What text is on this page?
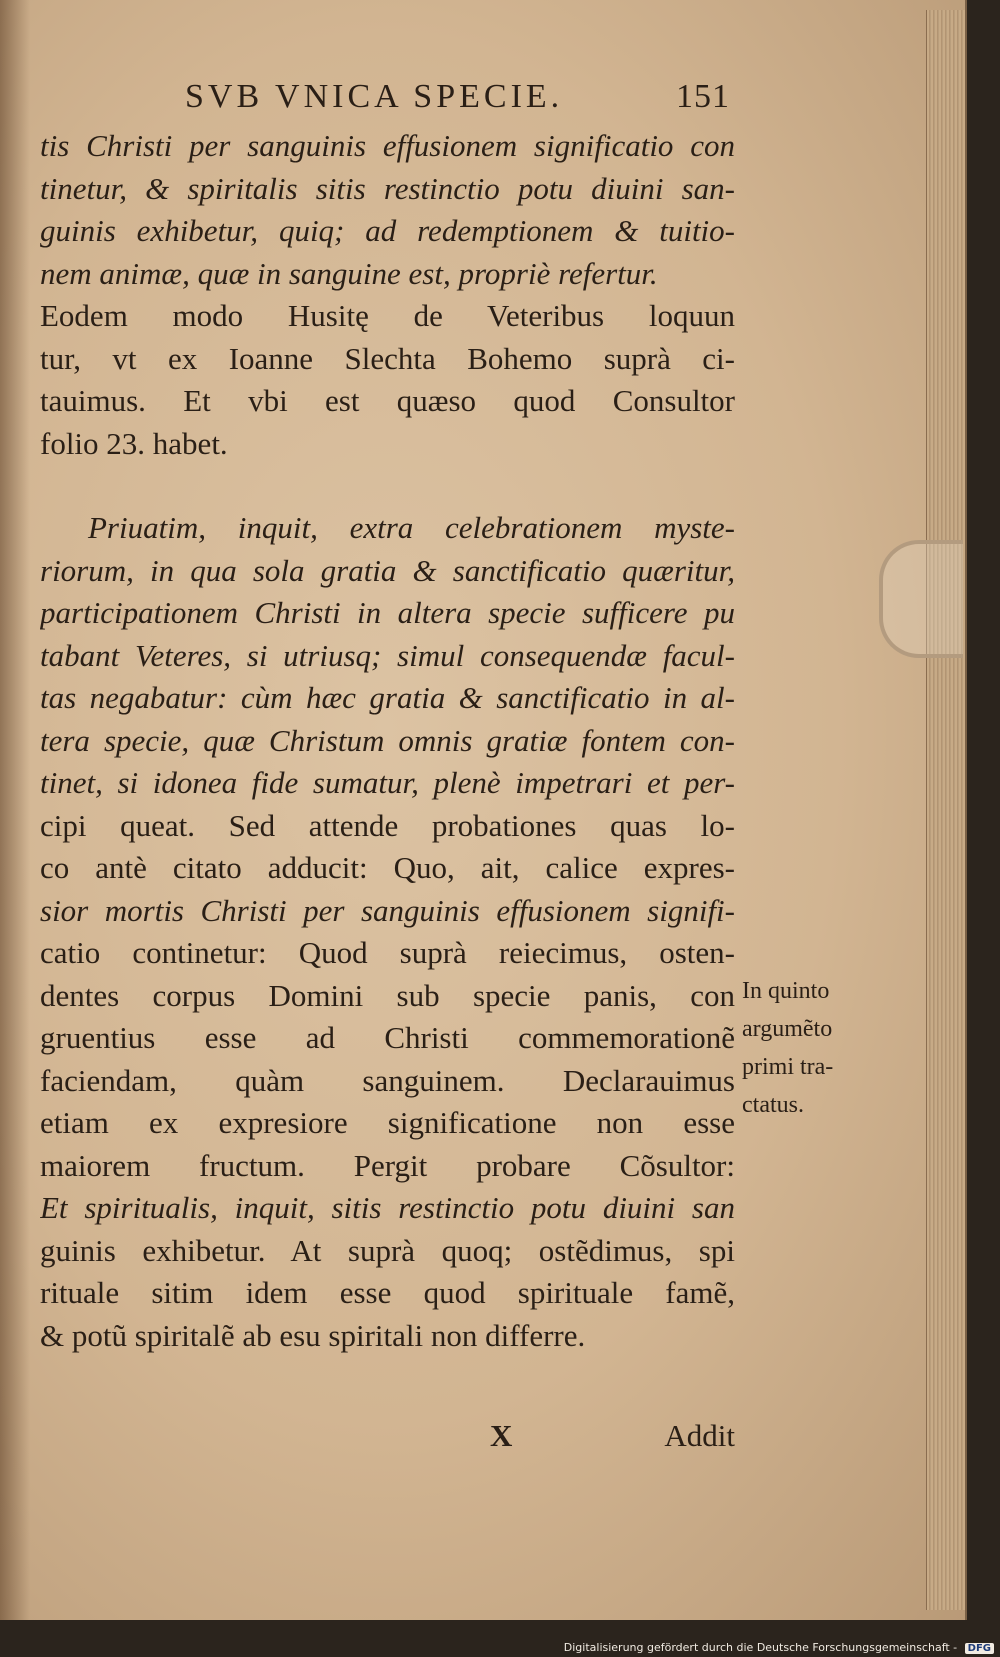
SVB VNICA SPECIE.	151
tis Christi per sanguinis effusionem significatio con
tinetur, & spiritalis sitis restinctio potu diuini san-
guinis exhibetur, quiq; ad redemptionem & tuitio-
nem animæ, quæ in sanguine est, propriè refertur.
Eodem modo Husitę de Veteribus loquun
tur, vt ex Ioanne Slechta Bohemo suprà ci-
tauimus. Et vbi est quæso quod Consultor
folio 23. habet.
Priuatim, inquit, extra celebrationem myste-
riorum, in qua sola gratia & sanctificatio quæritur,
participationem Christi in altera specie sufficere pu
tabant Veteres, si utriusq; simul consequendæ facul-
tas negabatur: cùm hæc gratia & sanctificatio in al-
tera specie, quæ Christum omnis gratiæ fontem con-
tinet, si idonea fide sumatur, plenè impetrari et per-
cipi queat. Sed attende probationes quas lo-
co antè citato adducit: Quo, ait, calice expres-
sior mortis Christi per sanguinis effusionem signifi-
catio continetur: Quod suprà reiecimus, osten-
dentes corpus Domini sub specie panis, con
gruentius esse ad Christi commemorationẽ
faciendam, quàm sanguinem. Declarauimus
etiam ex expresiore significatione non esse
maiorem fructum. Pergit probare Cõsultor:
Et spiritualis, inquit, sitis restinctio potu diuini san
guinis exhibetur. At suprà quoq; ostẽdimus, spi
rituale sitim idem esse quod spirituale famẽ,
& potũ spiritalẽ ab esu spiritali non differre.
In quinto
argumẽto
primi tra-
ctatus.
X	Addit
Digitalisierung gefördert durch die Deutsche Forschungsgemeinschaft - DFG
